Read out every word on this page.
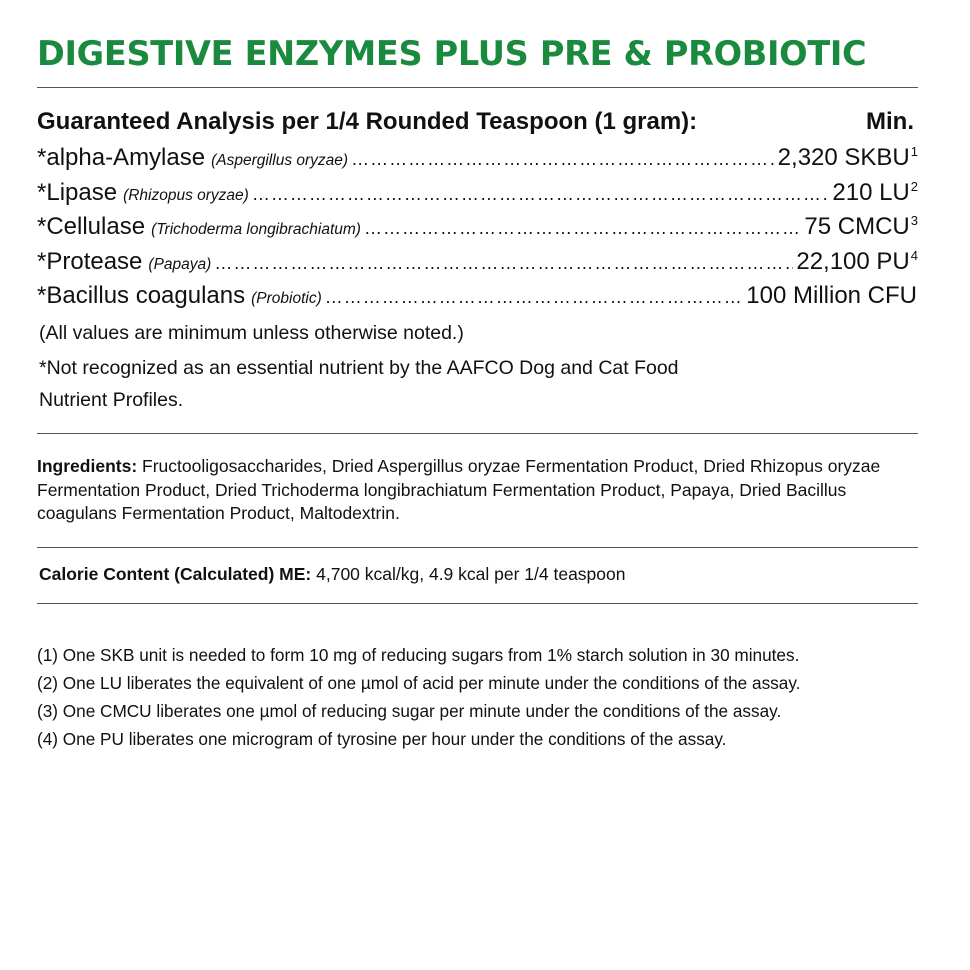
DIGESTIVE ENZYMES PLUS PRE & PROBIOTIC
Guaranteed Analysis per 1/4 Rounded Teaspoon (1 gram):	Min.
*alpha-Amylase (Aspergillus oryzae) ………………………………………………………………………………………………………………………………	2,320 SKBU$^1$
*Lipase (Rhizopus oryzae) ………………………………………………………………………………………………………………………………	210 $LU^2$
*Cellulase (Trichoderma longibrachiatum) ………………………………………………………………………………………………………………………………	75 CMCU$^3$
*Protease (Papaya) ………………………………………………………………………………………………………………………………	22,100 $PU^4$
*Bacillus coagulans (Probiotic) ………………………………………………………………………………………………………………………………	100 Million CFU
(All values are minimum unless otherwise noted.)
*Not recognized as an essential nutrient by the AAFCO Dog and Cat Food
Nutrient Profiles.
Ingredients: Fructooligosaccharides, Dried Aspergillus oryzae Fermentation Product, Dried Rhizopus oryzae Fermentation Product, Dried Trichoderma longibrachiatum Fermentation Product, Papaya, Dried Bacillus coagulans Fermentation Product, Maltodextrin.
Calorie Content (Calculated) ME: 4,700 kcal/kg, 4.9 kcal per 1/4 teaspoon
(1) One SKB unit is needed to form 10 mg of reducing sugars from 1% starch solution in 30 minutes.
(2) One LU liberates the equivalent of one µmol of acid per minute under the conditions of the assay.
(3) One CMCU liberates one µmol of reducing sugar per minute under the conditions of the assay.
(4) One PU liberates one microgram of tyrosine per hour under the conditions of the assay.
